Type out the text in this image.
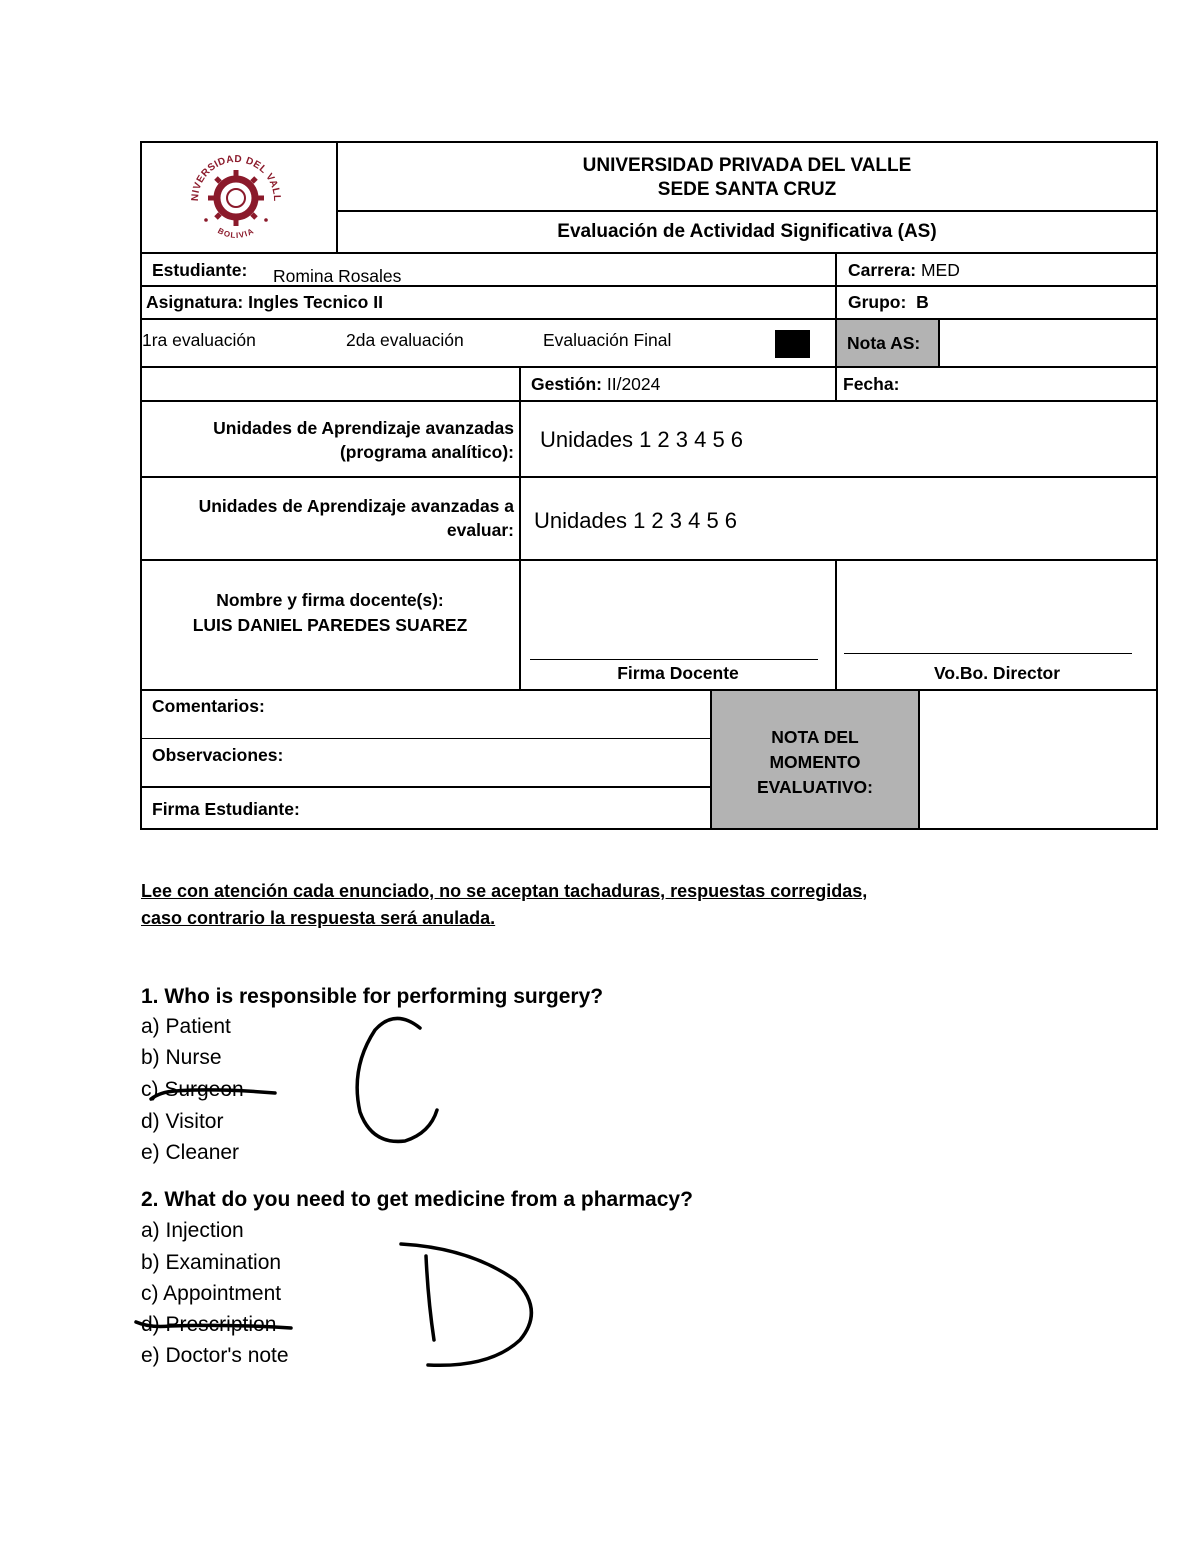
NIVERSIDAD DEL VALL
BOLIVIA
UNIVERSIDAD PRIVADA DEL VALLE
SEDE SANTA CRUZ
Evaluación de Actividad Significativa (AS)
Estudiante: Romina Rosales	Carrera: MED
Asignatura: Ingles Tecnico II	Grupo: B
1ra evaluación	2da evaluación	Evaluación Final	Nota AS:
Gestión: II/2024	Fecha:
Unidades de Aprendizaje avanzadas
(programa analítico): Unidades 1 2 3 4 5 6
Unidades de Aprendizaje avanzadas a
evaluar: Unidades 1 2 3 4 5 6
Nombre y firma docente(s):
LUIS DANIEL PAREDES SUAREZ
Firma Docente	Vo.Bo. Director
Comentarios:
Observaciones:
Firma Estudiante:
NOTA DEL
MOMENTO
EVALUATIVO:
Lee con atención cada enunciado, no se aceptan tachaduras, respuestas corregidas,
caso contrario la respuesta será anulada.
1. Who is responsible for performing surgery?
a) Patient
b) Nurse
c) Surgeon
d) Visitor
e) Cleaner
2. What do you need to get medicine from a pharmacy?
a) Injection
b) Examination
c) Appointment
d) Prescription
e) Doctor's note
